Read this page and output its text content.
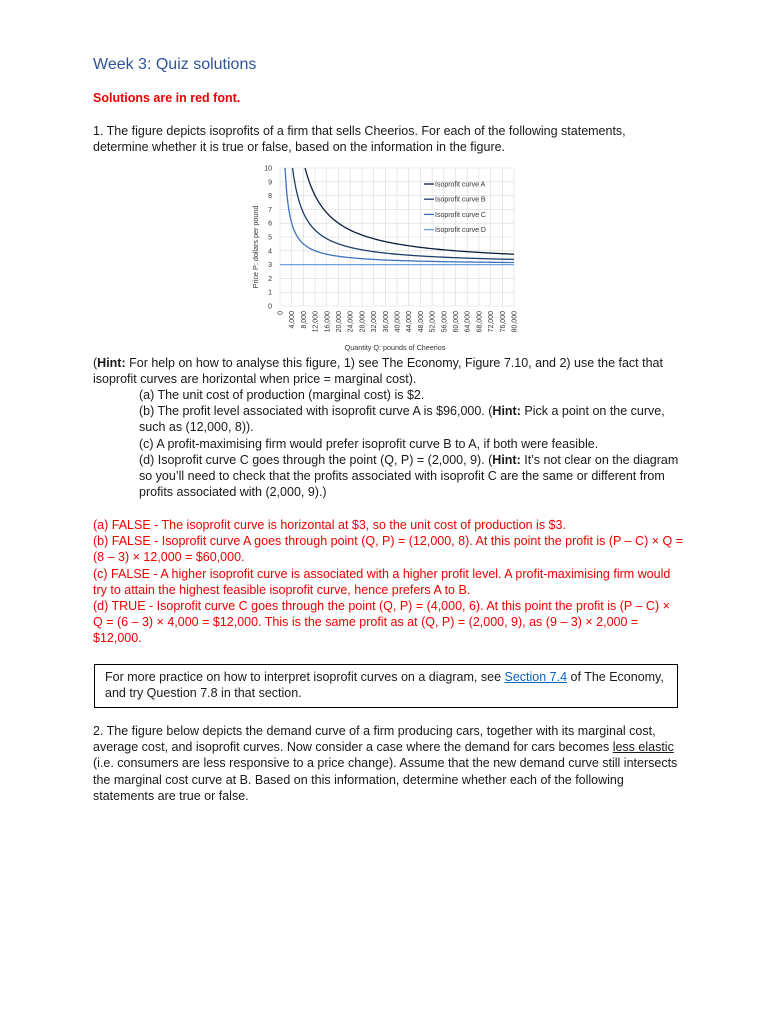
Week 3: Quiz solutions
Solutions are in red font.

1. The figure depicts isoprofits of a firm that sells Cheerios. For each of the following statements, determine whether it is true or false, based on the information in the figure.

0
1
2
3
4
5
6
7
8
9
10
0 4,000 8,000 12,000 16,000 20,000 24,000 28,000 32,000 36,000 40,000 44,000 48,000 52,000 56,000 60,000 64,000 68,000 72,000 76,000 80,000
Price P: dollars per pound
Quantity Q: pounds of Cheerios
Isoprofit curve A
Isoprofit curve B
Isoprofit curve C
Isoprofit curve D

(Hint: For help on how to analyse this figure, 1) see The Economy, Figure 7.10, and 2) use the fact that isoprofit curves are horizontal when price = marginal cost).

(a) The unit cost of production (marginal cost) is $2.
(b) The profit level associated with isoprofit curve A is $96,000. (Hint: Pick a point on the curve, such as (12,000, 8)).
(c) A profit-maximising firm would prefer isoprofit curve B to A, if both were feasible.
(d) Isoprofit curve C goes through the point (Q, P) = (2,000, 9). (Hint: It’s not clear on the diagram so you’ll need to check that the profits associated with isoprofit C are the same or different from profits associated with (2,000, 9).)
(a) FALSE - The isoprofit curve is horizontal at $3, so the unit cost of production is $3.
(b) FALSE - Isoprofit curve A goes through point (Q, P) = (12,000, 8). At this point the profit is (P – C) × Q = (8 – 3) × 12,000 = $60,000.
(c) FALSE - A higher isoprofit curve is associated with a higher profit level. A profit-maximising firm would try to attain the highest feasible isoprofit curve, hence prefers A to B.
(d) TRUE - Isoprofit curve C goes through the point (Q, P) = (4,000, 6). At this point the profit is (P – C) × Q = (6 – 3) × 4,000 = $12,000. This is the same profit as at (Q, P) = (2,000, 9), as (9 – 3) × 2,000 = $12,000.
For more practice on how to interpret isoprofit curves on a diagram, see Section 7.4 of The Economy, and try Question 7.8 in that section.

2. The figure below depicts the demand curve of a firm producing cars, together with its marginal cost, average cost, and isoprofit curves. Now consider a case where the demand for cars becomes less elastic (i.e. consumers are less responsive to a price change). Assume that the new demand curve still intersects the marginal cost curve at B. Based on this information, determine whether each of the following statements are true or false.
